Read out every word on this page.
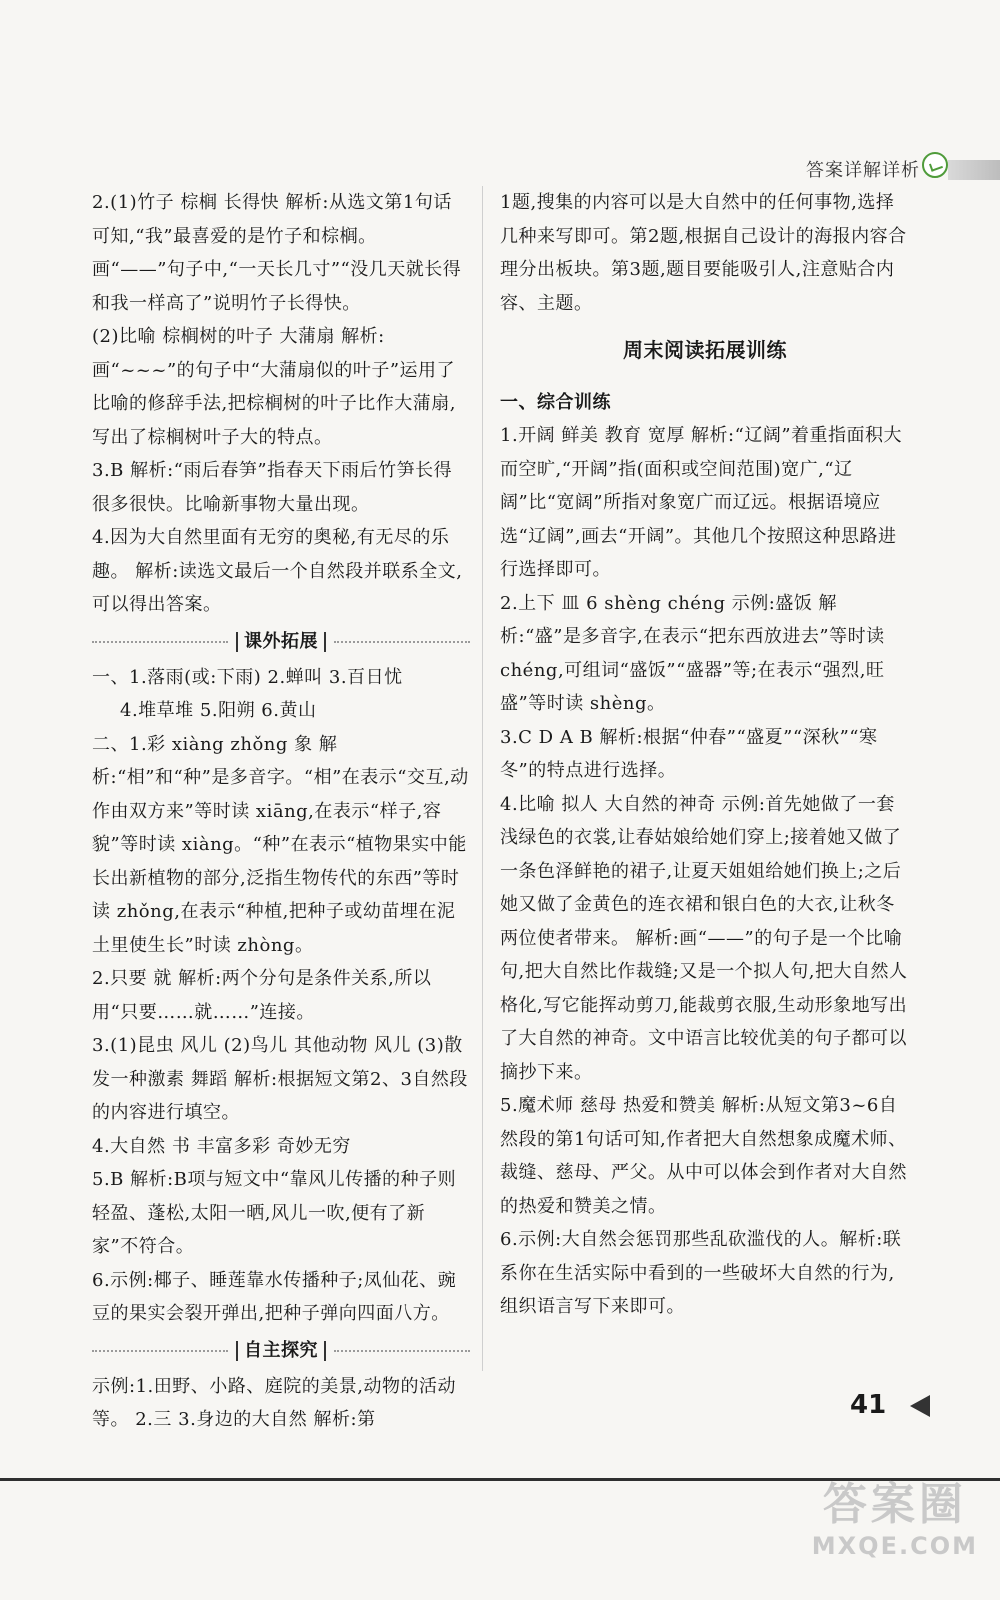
答案详解详析

2.(1)竹子 棕榈 长得快 解析:从选文第1句话可知,“我”最喜爱的是竹子和棕榈。画“——”句子中,“一天长几寸”“没几天就长得和我一样高了”说明竹子长得快。

(2)比喻 棕榈树的叶子 大蒲扇 解析:画“~~~”的句子中“大蒲扇似的叶子”运用了比喻的修辞手法,把棕榈树的叶子比作大蒲扇,写出了棕榈树叶子大的特点。

3.B 解析:“雨后春笋”指春天下雨后竹笋长得很多很快。比喻新事物大量出现。

4.因为大自然里面有无穷的奥秘,有无尽的乐趣。 解析:读选文最后一个自然段并联系全文,可以得出答案。

课外拓展

一、1.落雨(或:下雨) 2.蝉叫 3.百日忧

4.堆草堆 5.阳朔 6.黄山

二、1.彩 xiàng zhǒng 象 解析:“相”和“种”是多音字。“相”在表示“交互,动作由双方来”等时读 xiāng,在表示“样子,容貌”等时读 xiàng。“种”在表示“植物果实中能长出新植物的部分,泛指生物传代的东西”等时读 zhǒng,在表示“种植,把种子或幼苗埋在泥土里使生长”时读 zhòng。

2.只要 就 解析:两个分句是条件关系,所以用“只要……就……”连接。

3.(1)昆虫 风儿 (2)鸟儿 其他动物 风儿 (3)散发一种激素 舞蹈 解析:根据短文第2、3自然段的内容进行填空。

4.大自然 书 丰富多彩 奇妙无穷

5.B 解析:B项与短文中“靠风儿传播的种子则轻盈、蓬松,太阳一晒,风儿一吹,便有了新家”不符合。

6.示例:椰子、睡莲靠水传播种子;凤仙花、豌豆的果实会裂开弹出,把种子弹向四面八方。

自主探究

示例:1.田野、小路、庭院的美景,动物的活动等。 2.三 3.身边的大自然 解析:第

1题,搜集的内容可以是大自然中的任何事物,选择几种来写即可。第2题,根据自己设计的海报内容合理分出板块。第3题,题目要能吸引人,注意贴合内容、主题。

周末阅读拓展训练

一、综合训练

1.开阔 鲜美 教育 宽厚 解析:“辽阔”着重指面积大而空旷,“开阔”指(面积或空间范围)宽广,“辽阔”比“宽阔”所指对象宽广而辽远。根据语境应选“辽阔”,画去“开阔”。其他几个按照这种思路进行选择即可。

2.上下 皿 6 shèng chéng 示例:盛饭 解析:“盛”是多音字,在表示“把东西放进去”等时读 chéng,可组词“盛饭”“盛器”等;在表示“强烈,旺盛”等时读 shèng。

3.C D A B 解析:根据“仲春”“盛夏”“深秋”“寒冬”的特点进行选择。

4.比喻 拟人 大自然的神奇 示例:首先她做了一套浅绿色的衣裳,让春姑娘给她们穿上;接着她又做了一条色泽鲜艳的裙子,让夏天姐姐给她们换上;之后她又做了金黄色的连衣裙和银白色的大衣,让秋冬两位使者带来。 解析:画“——”的句子是一个比喻句,把大自然比作裁缝;又是一个拟人句,把大自然人格化,写它能挥动剪刀,能裁剪衣服,生动形象地写出了大自然的神奇。文中语言比较优美的句子都可以摘抄下来。

5.魔术师 慈母 热爱和赞美 解析:从短文第3~6自然段的第1句话可知,作者把大自然想象成魔术师、裁缝、慈母、严父。从中可以体会到作者对大自然的热爱和赞美之情。

6.示例:大自然会惩罚那些乱砍滥伐的人。解析:联系你在生活实际中看到的一些破坏大自然的行为,组织语言写下来即可。

41
答案圈
MXQE.COM
